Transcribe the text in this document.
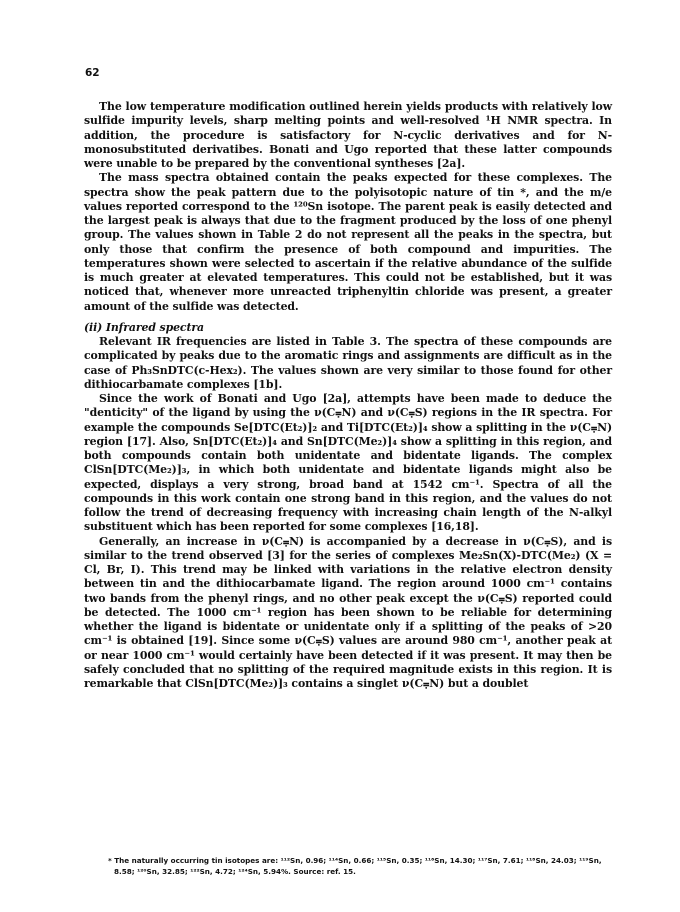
62

The low temperature modification outlined herein yields products with relatively low sulfide impurity levels, sharp melting points and well-resolved ¹H NMR spectra. In addition, the procedure is satisfactory for N-cyclic derivatives and for N-monosubstituted derivatibes. Bonati and Ugo reported that these latter compounds were unable to be prepared by the conventional syntheses [2a].

The mass spectra obtained contain the peaks expected for these complexes. The spectra show the peak pattern due to the polyisotopic nature of tin *, and the m/e values reported correspond to the ¹²⁰Sn isotope. The parent peak is easily detected and the largest peak is always that due to the fragment produced by the loss of one phenyl group. The values shown in Table 2 do not represent all the peaks in the spectra, but only those that confirm the presence of both compound and impurities. The temperatures shown were selected to ascertain if the relative abundance of the sulfide is much greater at elevated temperatures. This could not be established, but it was noticed that, whenever more unreacted triphenyltin chloride was present, a greater amount of the sulfide was detected.

(ii) Infrared spectra

Relevant IR frequencies are listed in Table 3. The spectra of these compounds are complicated by peaks due to the aromatic rings and assignments are difficult as in the case of Ph₃SnDTC(c-Hex₂). The values shown are very similar to those found for other dithiocarbamate complexes [1b].

Since the work of Bonati and Ugo [2a], attempts have been made to deduce the "denticity" of the ligand by using the ν(C⩦N) and ν(C⩦S) regions in the IR spectra. For example the compounds Se[DTC(Et₂)]₂ and Ti[DTC(Et₂)]₄ show a splitting in the ν(C⩦N) region [17]. Also, Sn[DTC(Et₂)]₄ and Sn[DTC(Me₂)]₄ show a splitting in this region, and both compounds contain both unidentate and bidentate ligands. The complex ClSn[DTC(Me₂)]₃, in which both unidentate and bidentate ligands might also be expected, displays a very strong, broad band at 1542 cm⁻¹. Spectra of all the compounds in this work contain one strong band in this region, and the values do not follow the trend of decreasing frequency with increasing chain length of the N-alkyl substituent which has been reported for some complexes [16,18].

Generally, an increase in ν(C⩦N) is accompanied by a decrease in ν(C⩦S), and is similar to the trend observed [3] for the series of complexes Me₂Sn(X)-DTC(Me₂) (X = Cl, Br, I). This trend may be linked with variations in the relative electron density between tin and the dithiocarbamate ligand. The region around 1000 cm⁻¹ contains two bands from the phenyl rings, and no other peak except the ν(C⩦S) reported could be detected. The 1000 cm⁻¹ region has been shown to be reliable for determining whether the ligand is bidentate or unidentate only if a splitting of the peaks of >20 cm⁻¹ is obtained [19]. Since some ν(C⩦S) values are around 980 cm⁻¹, another peak at or near 1000 cm⁻¹ would certainly have been detected if it was present. It may then be safely concluded that no splitting of the required magnitude exists in this region. It is remarkable that ClSn[DTC(Me₂)]₃ contains a singlet ν(C⩦N) but a doublet

* The naturally occurring tin isotopes are: ¹¹²Sn, 0.96; ¹¹⁴Sn, 0.66; ¹¹⁵Sn, 0.35; ¹¹⁶Sn, 14.30; ¹¹⁷Sn, 7.61; ¹¹⁸Sn, 24.03; ¹¹⁹Sn, 8.58; ¹²⁰Sn, 32.85; ¹²²Sn, 4.72; ¹²⁴Sn, 5.94%. Source: ref. 15.
